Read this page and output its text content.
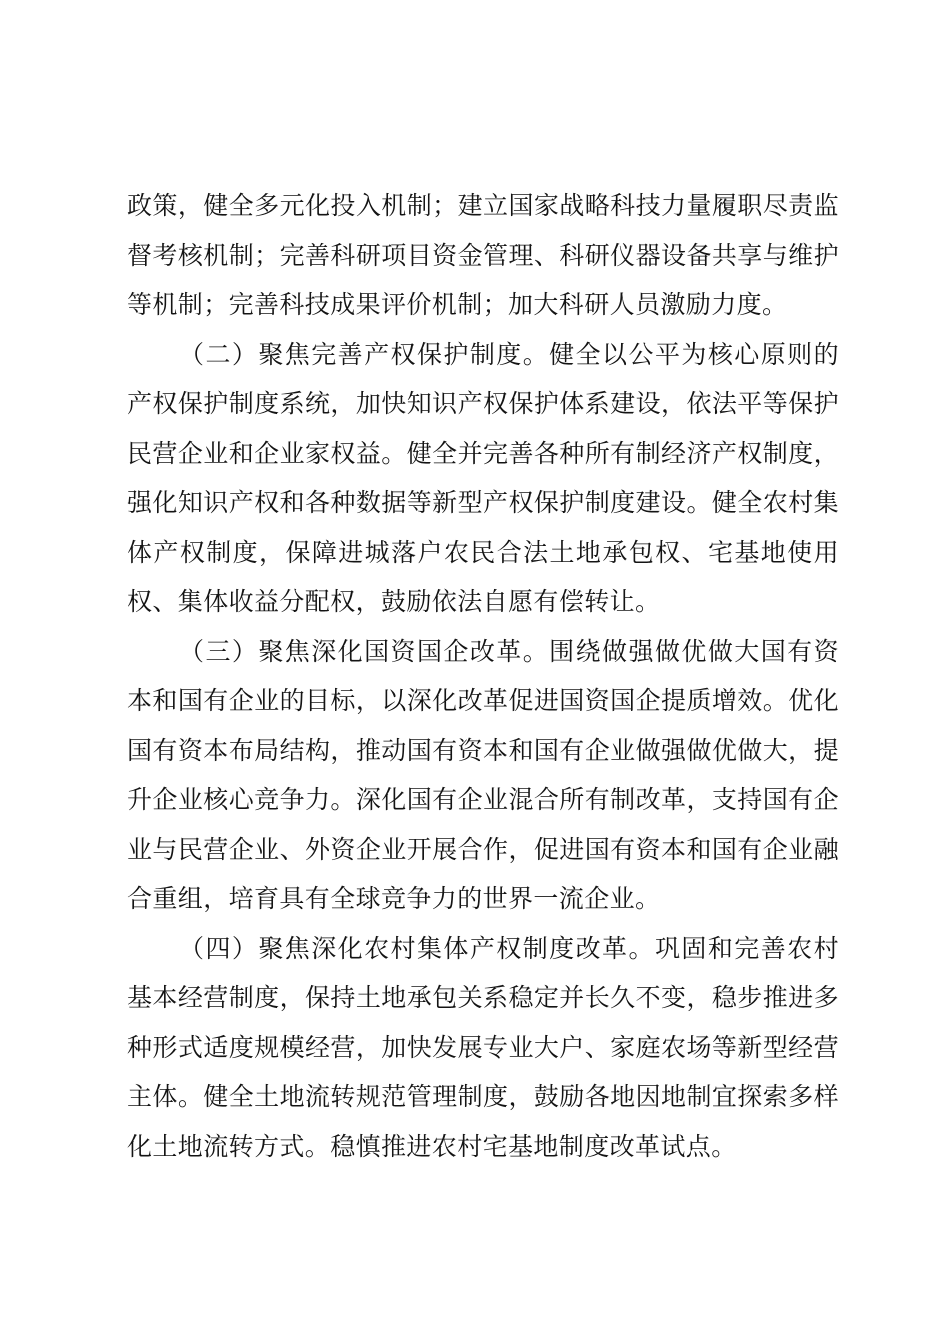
政策，健全多元化投入机制；建立国家战略科技力量履职尽责监督考核机制；完善科研项目资金管理、科研仪器设备共享与维护等机制；完善科技成果评价机制；加大科研人员激励力度。

（二）聚焦完善产权保护制度。健全以公平为核心原则的产权保护制度系统，加快知识产权保护体系建设，依法平等保护民营企业和企业家权益。健全并完善各种所有制经济产权制度，强化知识产权和各种数据等新型产权保护制度建设。健全农村集体产权制度，保障进城落户农民合法土地承包权、宅基地使用权、集体收益分配权，鼓励依法自愿有偿转让。

（三）聚焦深化国资国企改革。围绕做强做优做大国有资本和国有企业的目标，以深化改革促进国资国企提质增效。优化国有资本布局结构，推动国有资本和国有企业做强做优做大，提升企业核心竞争力。深化国有企业混合所有制改革，支持国有企业与民营企业、外资企业开展合作，促进国有资本和国有企业融合重组，培育具有全球竞争力的世界一流企业。

（四）聚焦深化农村集体产权制度改革。巩固和完善农村基本经营制度，保持土地承包关系稳定并长久不变，稳步推进多种形式适度规模经营，加快发展专业大户、家庭农场等新型经营主体。健全土地流转规范管理制度，鼓励各地因地制宜探索多样化土地流转方式。稳慎推进农村宅基地制度改革试点。
